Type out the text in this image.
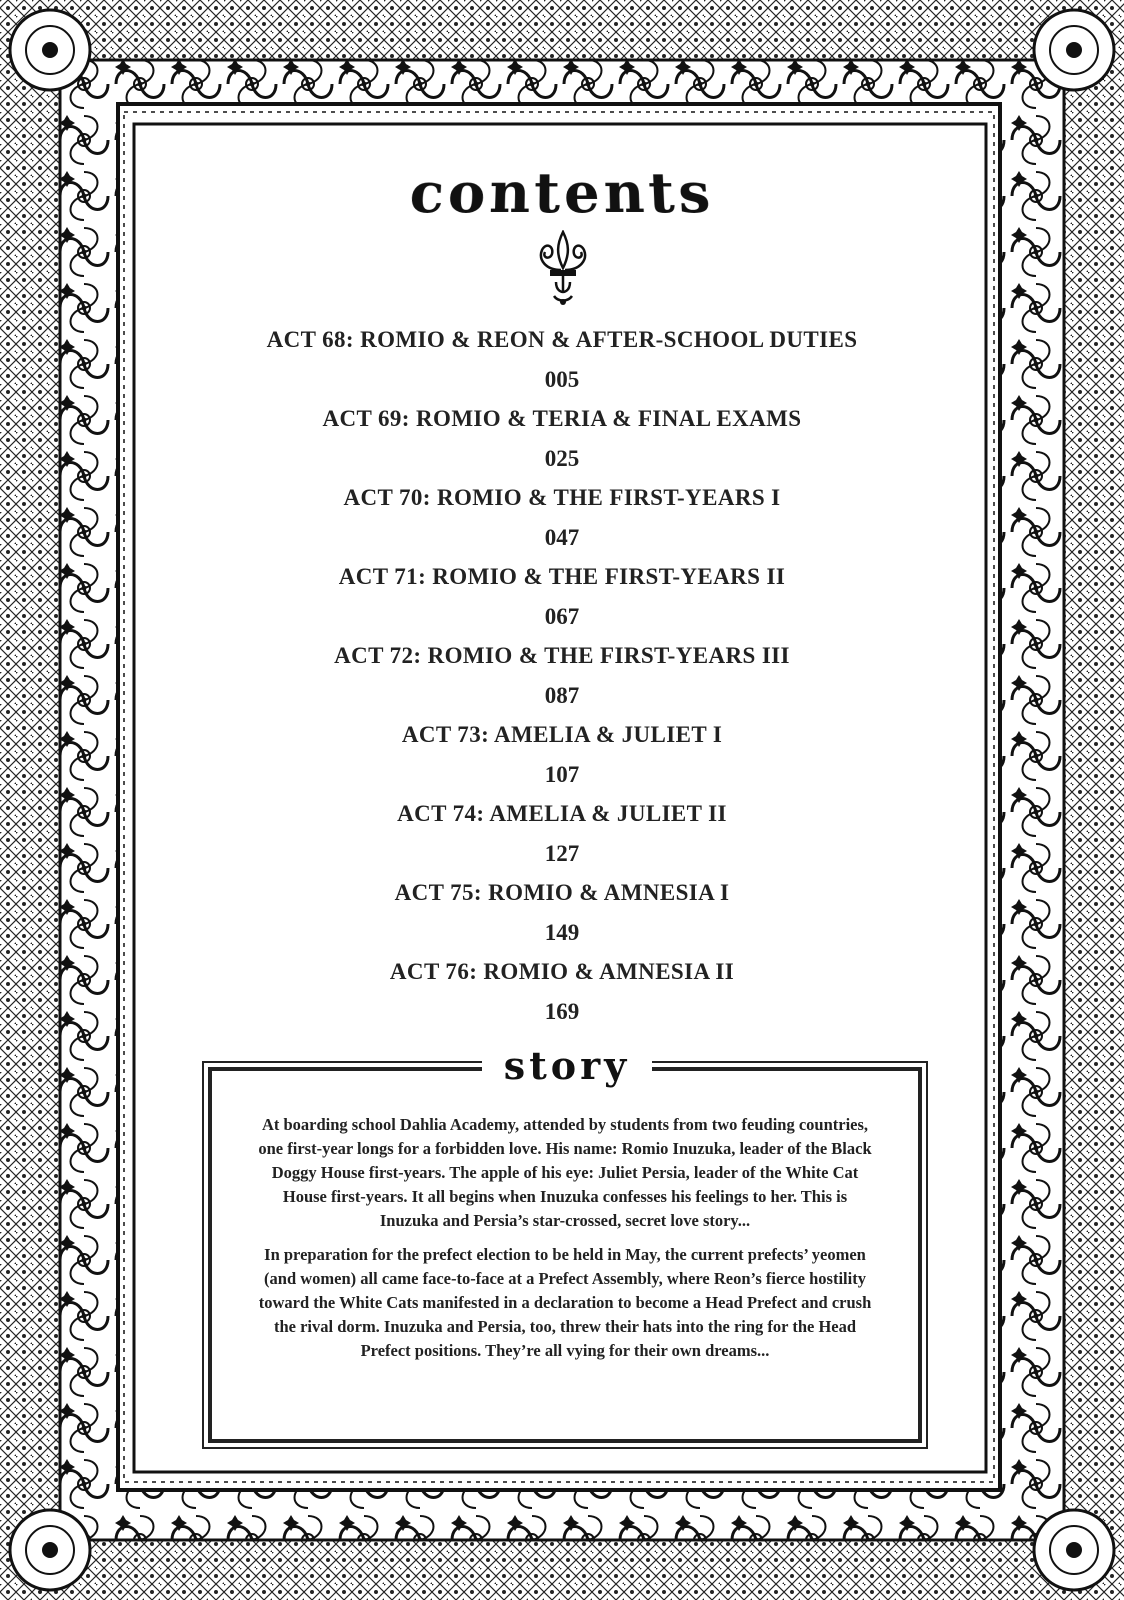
contents
ACT 68: ROMIO & REON & AFTER-SCHOOL DUTIES
005
ACT 69: ROMIO & TERIA & FINAL EXAMS
025
ACT 70: ROMIO & THE FIRST-YEARS I
047
ACT 71: ROMIO & THE FIRST-YEARS II
067
ACT 72: ROMIO & THE FIRST-YEARS III
087
ACT 73: AMELIA & JULIET I
107
ACT 74: AMELIA & JULIET II
127
ACT 75: ROMIO & AMNESIA I
149
ACT 76: ROMIO & AMNESIA II
169
story

At boarding school Dahlia Academy, attended by students from two feuding countries, one first-year longs for a forbidden love. His name: Romio Inuzuka, leader of the Black Doggy House first-years. The apple of his eye: Juliet Persia, leader of the White Cat House first-years. It all begins when Inuzuka confesses his feelings to her. This is Inuzuka and Persia’s star-crossed, secret love story...

In preparation for the prefect election to be held in May, the current prefects’ yeomen (and women) all came face-to-face at a Prefect Assembly, where Reon’s fierce hostility toward the White Cats manifested in a declaration to become a Head Prefect and crush the rival dorm. Inuzuka and Persia, too, threw their hats into the ring for the Head Prefect positions. They’re all vying for their own dreams...
